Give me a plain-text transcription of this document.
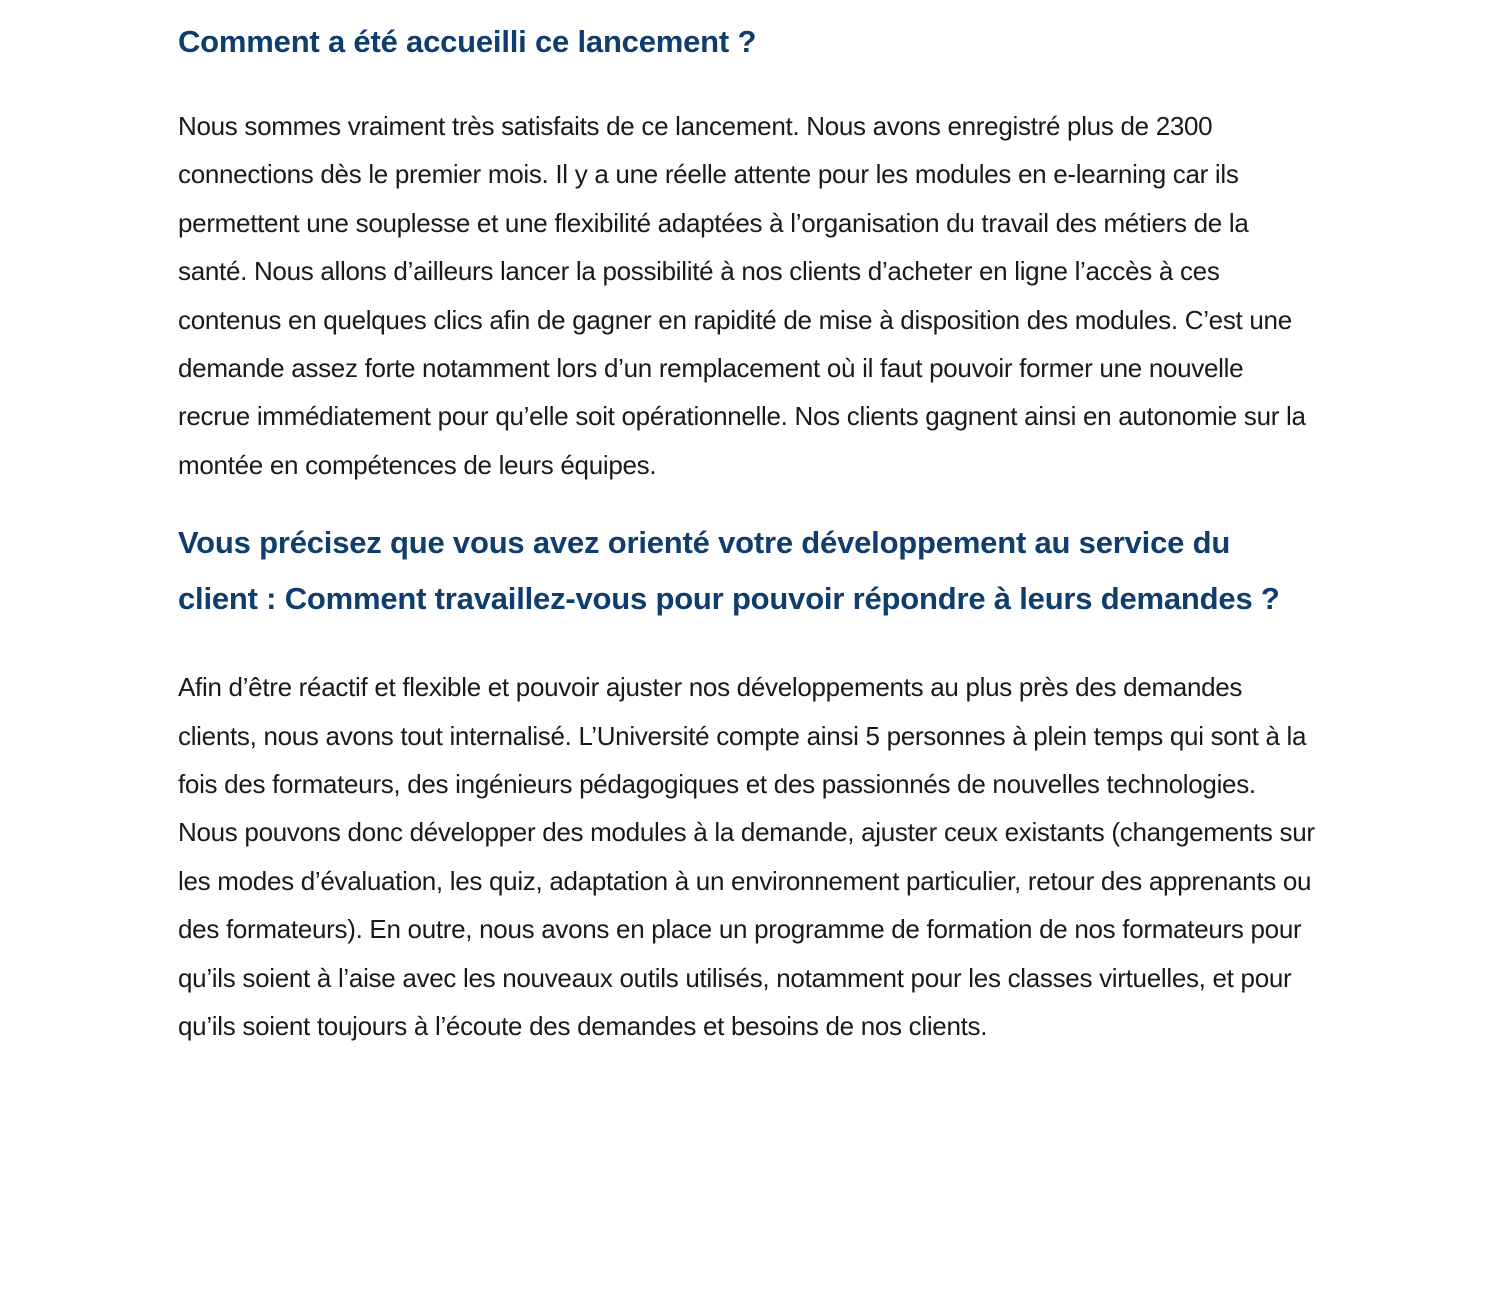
Comment a été accueilli ce lancement ?

Nous sommes vraiment très satisfaits de ce lancement. Nous avons enregistré plus de 2300 connections dès le premier mois. Il y a une réelle attente pour les modules en e-learning car ils permettent une souplesse et une flexibilité adaptées à l’organisation du travail des métiers de la santé. Nous allons d’ailleurs lancer la possibilité à nos clients d’acheter en ligne l’accès à ces contenus en quelques clics afin de gagner en rapidité de mise à disposition des modules. C’est une demande assez forte notamment lors d’un remplacement où il faut pouvoir former une nouvelle recrue immédiatement pour qu’elle soit opérationnelle. Nos clients gagnent ainsi en autonomie sur la montée en compétences de leurs équipes.

Vous précisez que vous avez orienté votre développement au service du client : Comment travaillez-vous pour pouvoir répondre à leurs demandes ?

Afin d’être réactif et flexible et pouvoir ajuster nos développements au plus près des demandes clients, nous avons tout internalisé. L’Université compte ainsi 5 personnes à plein temps qui sont à la fois des formateurs, des ingénieurs pédagogiques et des passionnés de nouvelles technologies. Nous pouvons donc développer des modules à la demande, ajuster ceux existants (changements sur les modes d’évaluation, les quiz, adaptation à un environnement particulier, retour des apprenants ou des formateurs). En outre, nous avons en place un programme de formation de nos formateurs pour qu’ils soient à l’aise avec les nouveaux outils utilisés, notamment pour les classes virtuelles, et pour qu’ils soient toujours à l’écoute des demandes et besoins de nos clients.
